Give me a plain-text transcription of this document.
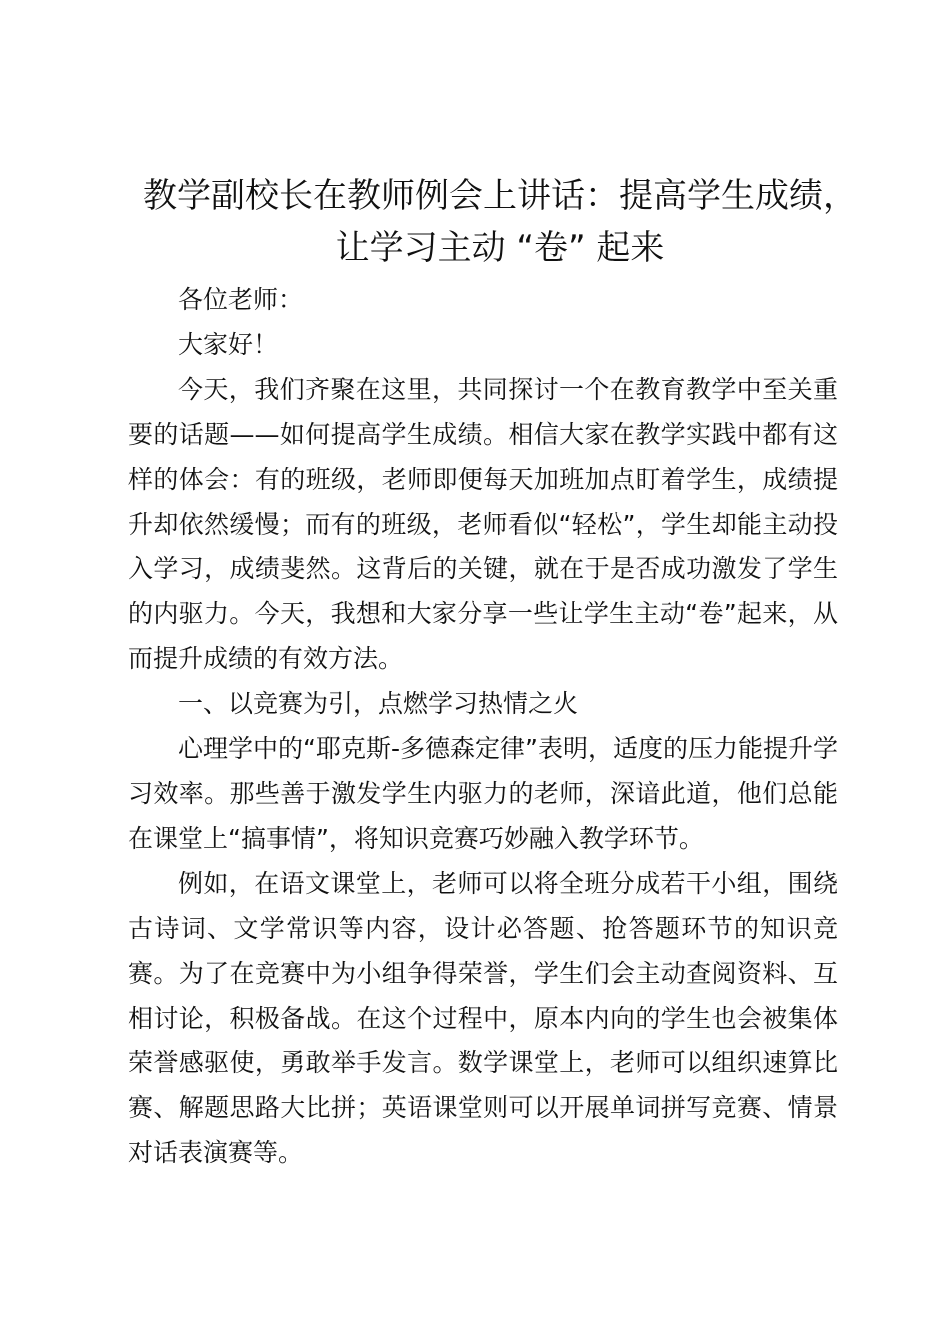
教学副校长在教师例会上讲话：提高学生成绩，
让学习主动 “卷” 起来

各位老师：

大家好！

今天，我们齐聚在这里，共同探讨一个在教育教学中至关重要的话题——如何提高学生成绩。相信大家在教学实践中都有这样的体会：有的班级，老师即便每天加班加点盯着学生，成绩提升却依然缓慢；而有的班级，老师看似“轻松”，学生却能主动投入学习，成绩斐然。这背后的关键，就在于是否成功激发了学生的内驱力。今天，我想和大家分享一些让学生主动“卷”起来，从而提升成绩的有效方法。

一、以竞赛为引，点燃学习热情之火

心理学中的“耶克斯-多德森定律”表明，适度的压力能提升学习效率。那些善于激发学生内驱力的老师，深谙此道，他们总能在课堂上“搞事情”，将知识竞赛巧妙融入教学环节。

例如，在语文课堂上，老师可以将全班分成若干小组，围绕古诗词、文学常识等内容，设计必答题、抢答题环节的知识竞赛。为了在竞赛中为小组争得荣誉，学生们会主动查阅资料、互相讨论，积极备战。在这个过程中，原本内向的学生也会被集体荣誉感驱使，勇敢举手发言。数学课堂上，老师可以组织速算比赛、解题思路大比拼；英语课堂则可以开展单词拼写竞赛、情景对话表演赛等。
